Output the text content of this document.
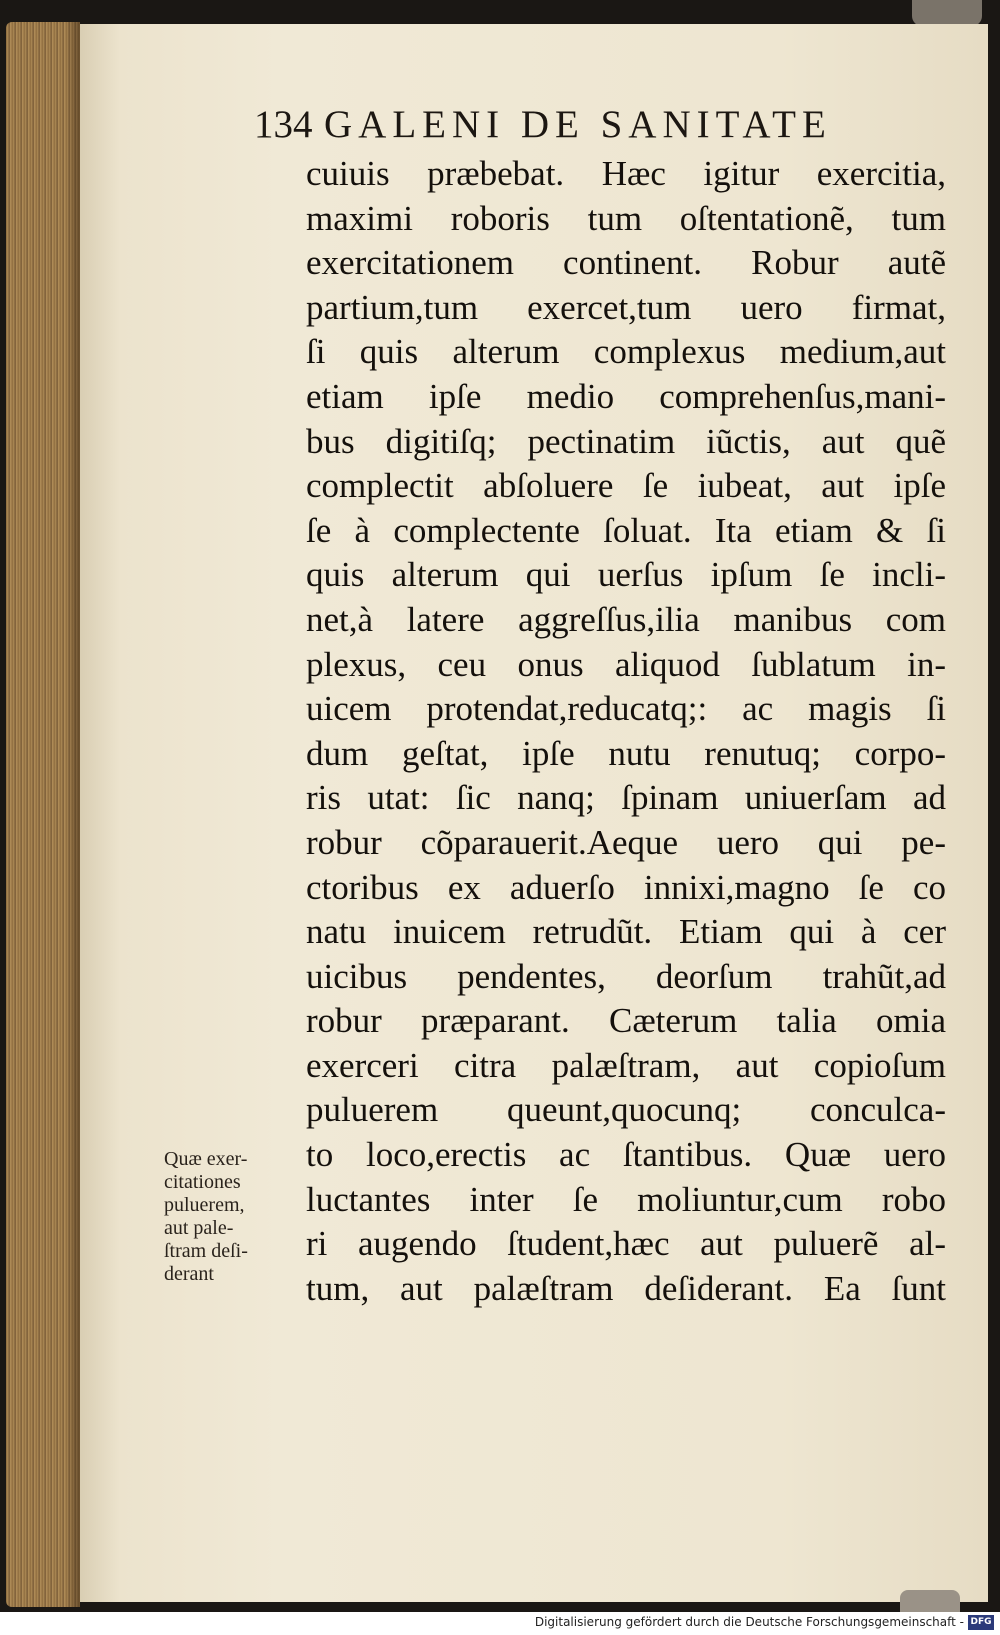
134 GALENI DE SANITATE
cuiuis præbebat. Hæc igitur exercitia,
maximi roboris tum oſtentationẽ, tum
exercitationem continent. Robur autẽ
partium,tum exercet,tum uero firmat,
ſi quis alterum complexus medium,aut
etiam ipſe medio comprehenſus,mani-
bus digitiſq; pectinatim iũctis, aut quẽ
complectit abſoluere ſe iubeat, aut ipſe
ſe à complectente ſoluat. Ita etiam & ſi
quis alterum qui uerſus ipſum ſe incli-
net,à latere aggreſſus,ilia manibus com
plexus, ceu onus aliquod ſublatum in-
uicem protendat,reducatq;: ac magis ſi
dum geſtat, ipſe nutu renutuq; corpo-
ris utat: ſic nanq; ſpinam uniuerſam ad
robur cõparauerit.Aeque uero qui pe-
ctoribus ex aduerſo innixi,magno ſe co
natu inuicem retrudũt. Etiam qui à cer
uicibus pendentes, deorſum trahũt,ad
robur præparant. Cæterum talia omia
exerceri citra palæſtram, aut copioſum
puluerem queunt,quocunq; conculca-
to loco,erectis ac ſtantibus. Quæ uero
luctantes inter ſe moliuntur,cum robo
ri augendo ſtudent,hæc aut puluerẽ al-
tum, aut palæſtram deſiderant. Ea ſunt
Quæ exer-
citationes
puluerem,
aut pale-
ſtram deſi-
derant
Digitalisierung gefördert durch die Deutsche Forschungsgemeinschaft - DFG
